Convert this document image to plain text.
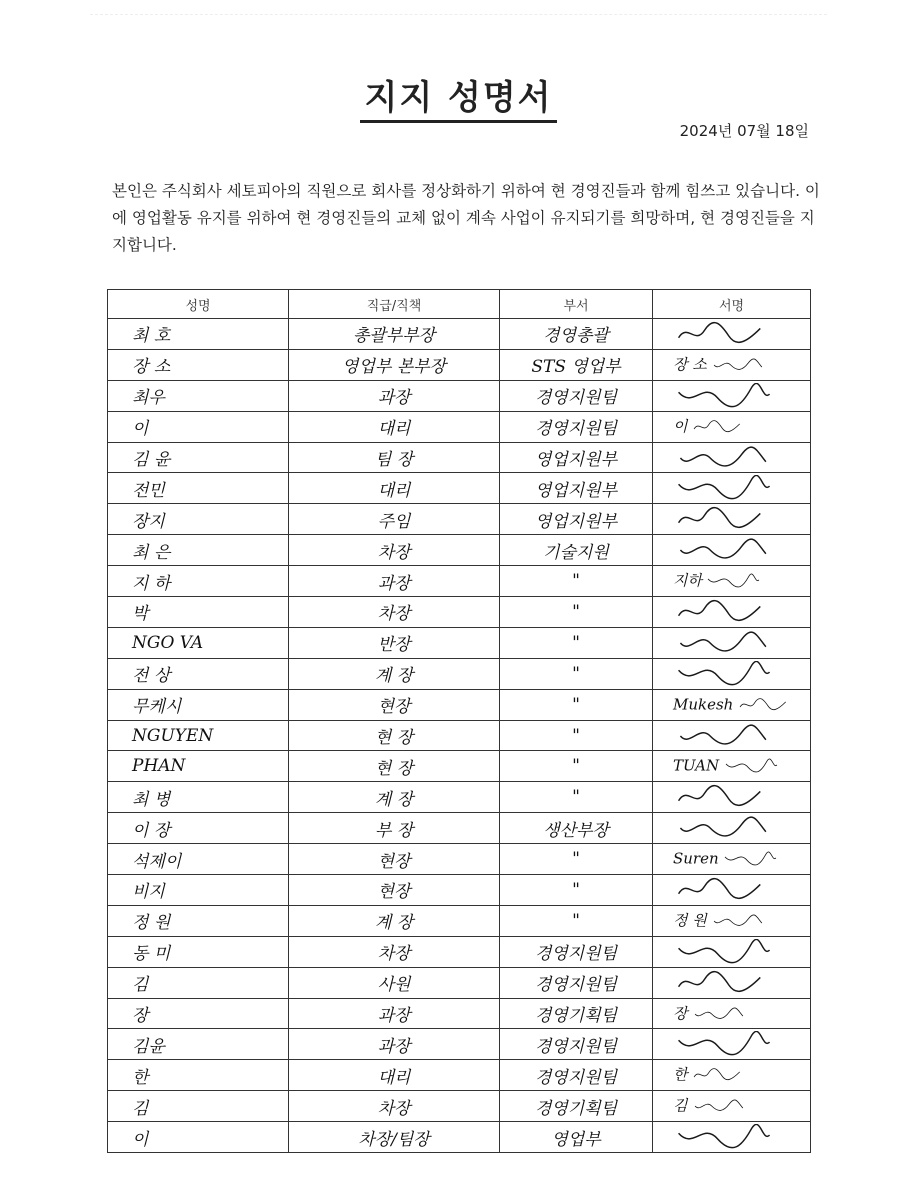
지지 성명서
2024년 07월 18일
본인은 주식회사 세토피아의 직원으로 회사를 정상화하기 위하여 현 경영진들과 함께 힘쓰고 있습니다. 이에 영업활동 유지를 위하여 현 경영진들의 교체 없이 계속 사업이 유지되기를 희망하며, 현 경영진들을 지지합니다.
성명	직급/직책	부서	서명
최 호	총괄부부장	경영총괄	
장 소	영업부 본부장	STS 영업부	장 소
최우	과장	경영지원팀	
이	대리	경영지원팀	이
김 윤	팀 장	영업지원부	
전민	대리	영업지원부	
장지	주임	영업지원부	
최 은	차장	기술지원	
지 하	과장	"	지하
박	차장	"	
NGO VA	반장	"	
전 상	계 장	"	
무케시	현장	"	Mukesh
NGUYEN	현 장	"	
PHAN	현 장	"	TUAN
최 병	계 장	"	
이 장	부 장	생산부장	
석제이	현장	"	Suren
비지	현장	"	
정 원	계 장	"	정 원
동 미	차장	경영지원팀	
김	사원	경영지원팀	
장	과장	경영기획팀	장
김윤	과장	경영지원팀	
한	대리	경영지원팀	한
김	차장	경영기획팀	김
이	차장/팀장	영업부	
